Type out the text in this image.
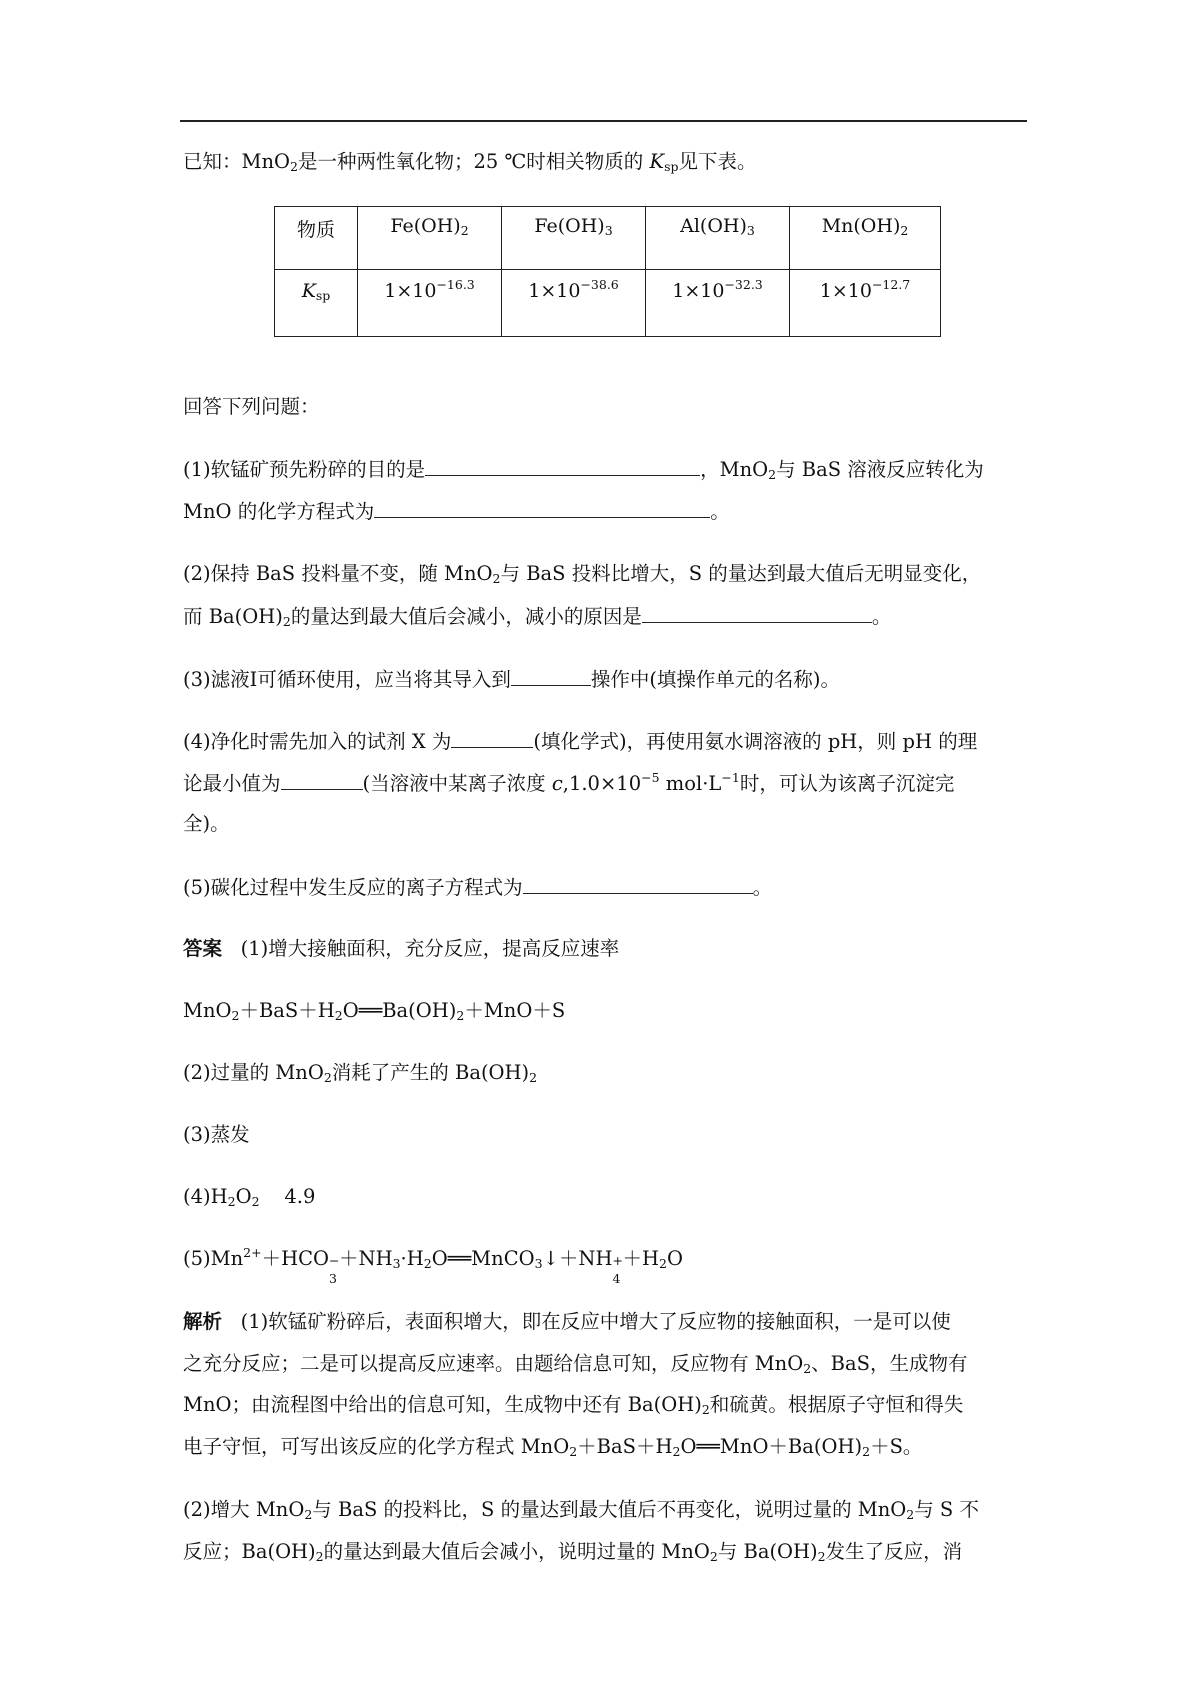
已知：MnO$_2$是一种两性氧化物；25 ℃时相关物质的 $K_{sp}$见下表。
物质	$Fe(OH)_2$	$Fe(OH)_3$	$Al(OH)_3$	$Mn(OH)_2$
$K_{sp}$	$1\times 10^{-16.3}$	$1\times 10^{-38.6}$	$1\times 10^{-32.3}$	$1\times 10^{-12.7}$
回答下列问题：
(1)软锰矿预先粉碎的目的是	，MnO$_2$与 BaS 溶液反应转化为
MnO 的化学方程式为	。
(2)保持 BaS 投料量不变，随 MnO$_2$与 BaS 投料比增大，S 的量达到最大值后无明显变化，
而 $Ba(OH)_2$的量达到最大值后会减小，减小的原因是	。
(3)滤液Ⅰ可循环使用，应当将其导入到	操作中(填操作单元的名称)。
(4)净化时需先加入的试剂 X 为	(填化学式)，再使用氨水调溶液的 pH，则 pH 的理
论最小值为	(当溶液中某离子浓度 $c,1.0\times 10^{-5}$ $mol\cdot L^{-1}$时，可认为该离子沉淀完
全)。
(5)碳化过程中发生反应的离子方程式为	。
答案 (1)增大接触面积，充分反应，提高反应速率
$MnO_2+BaS+H_2O══Ba(OH)_2+MnO+S$
(2)过量的 MnO$_2$消耗了产生的 $Ba(OH)_2$
(3)蒸发
$(4)H_2O_2$ 4.9
$(5)Mn^{2+}+HCO$ −
3
$+NH_3\cdot H_2O══MnCO_3↓+NH$ +
4
$+H_2O$
解析 (1)软锰矿粉碎后，表面积增大，即在反应中增大了反应物的接触面积，一是可以使
之充分反应；二是可以提高反应速率。由题给信息可知，反应物有 MnO$_2$、BaS，生成物有
MnO；由流程图中给出的信息可知，生成物中还有 $Ba(OH)_2$和硫黄。根据原子守恒和得失
电子守恒，可写出该反应的化学方程式 $MnO_2+BaS+H_2O══MnO+Ba(OH)_2+S$。
(2)增大 MnO$_2$与 BaS 的投料比，S 的量达到最大值后不再变化，说明过量的 MnO$_2$与 S 不
反应；$Ba(OH)_2$的量达到最大值后会减小，说明过量的 MnO$_2$与 $Ba(OH)_2$发生了反应，消
